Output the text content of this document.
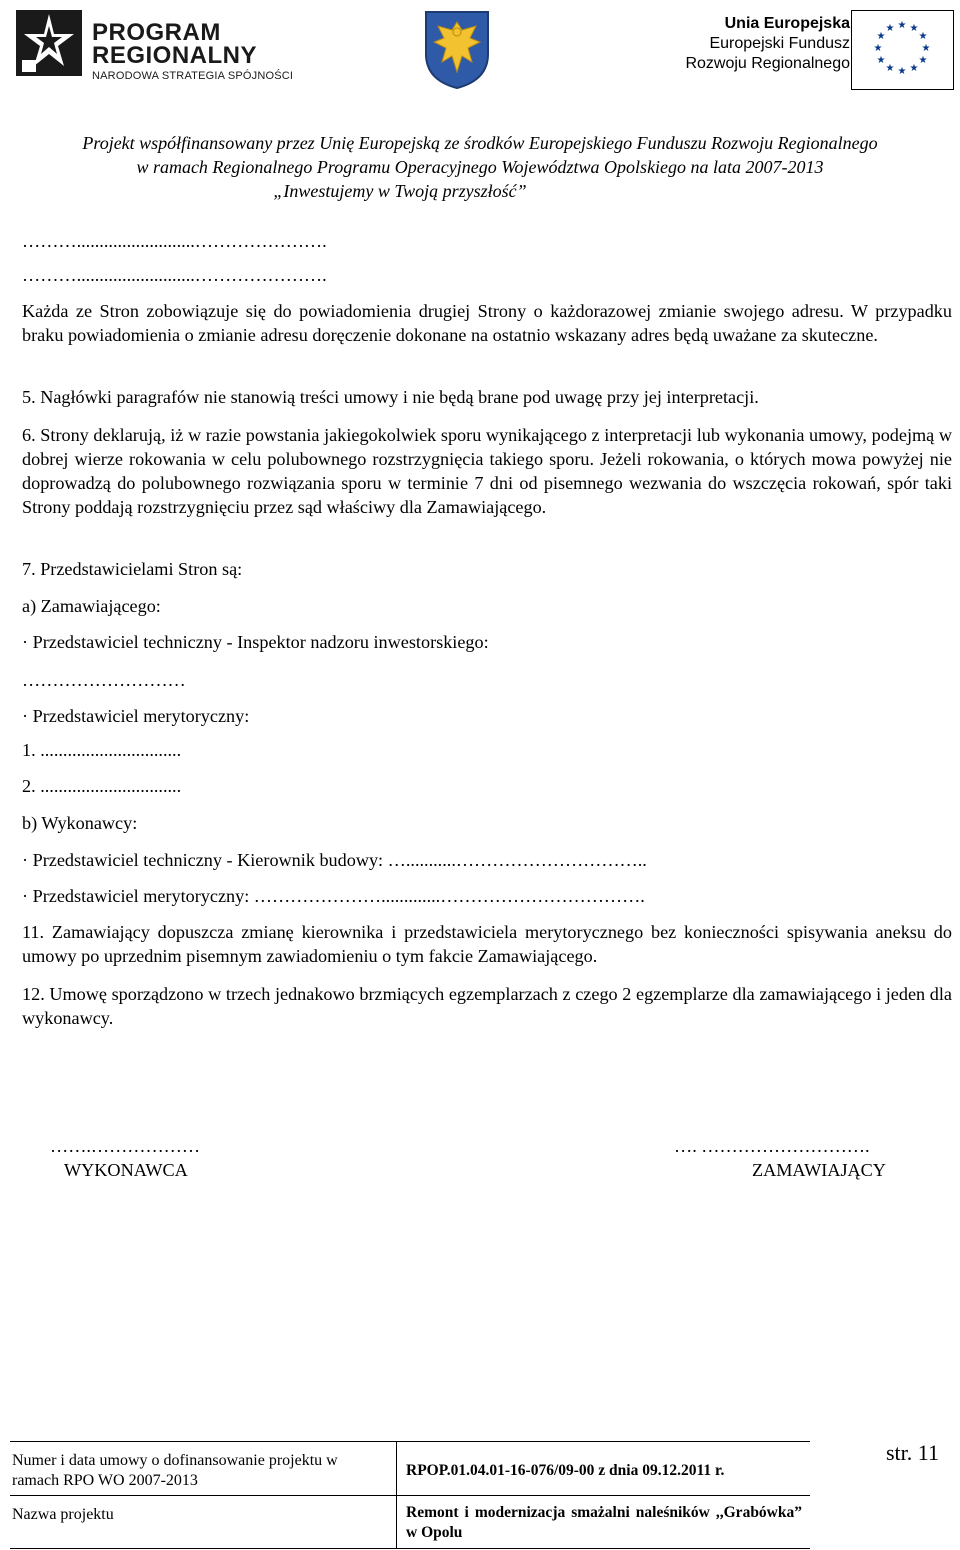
PROGRAM
REGIONALNY
NARODOWA STRATEGIA SPÓJNOŚCI
Unia Europejska
Europejski Fundusz
Rozwoju Regionalnego
★ ★
★
★
★
★
★
★
★
★
★
★
Projekt współfinansowany przez Unię Europejską ze środków Europejskiego Funduszu Rozwoju Regionalnego
w ramach Regionalnego Programu Operacyjnego Województwa Opolskiego na lata 2007-2013
„Inwestujemy w Twoją przyszłość”
………..........................………………….
………..........................………………….
Każda ze Stron zobowiązuje się do powiadomienia drugiej Strony o każdorazowej zmianie swojego adresu. W przypadku braku powiadomienia o zmianie adresu doręczenie dokonane na ostatnio wskazany adres będą uważane za skuteczne.
5. Nagłówki paragrafów nie stanowią treści umowy i nie będą brane pod uwagę przy jej interpretacji.
6. Strony deklarują, iż w razie powstania jakiegokolwiek sporu wynikającego z interpretacji lub wykonania umowy, podejmą w dobrej wierze rokowania w celu polubownego rozstrzygnięcia takiego sporu. Jeżeli rokowania, o których mowa powyżej nie doprowadzą do polubownego rozwiązania sporu w terminie 7 dni od pisemnego wezwania do wszczęcia rokowań, spór taki Strony poddają rozstrzygnięciu przez sąd właściwy dla Zamawiającego.
7. Przedstawicielami Stron są:
a) Zamawiającego:
· Przedstawiciel techniczny - Inspektor nadzoru inwestorskiego:
………………………
· Przedstawiciel merytoryczny:
1. ...............................
2. ...............................
b) Wykonawcy:
· Przedstawiciel techniczny - Kierownik budowy: …...........…………………………..
· Przedstawiciel merytoryczny: ………………….............…………………………….
11. Zamawiający dopuszcza zmianę kierownika i przedstawiciela merytorycznego bez konieczności spisywania aneksu do umowy po uprzednim pisemnym zawiadomieniu o tym fakcie Zamawiającego.
12. Umowę sporządzono w trzech jednakowo brzmiących egzemplarzach z czego 2 egzemplarze dla zamawiającego i jeden dla wykonawcy.
…….………………
WYKONAWCA
…. ……………………….
ZAMAWIAJĄCY
Numer i data umowy o dofinansowanie projektu w ramach RPO WO 2007-2013
RPOP.01.04.01-16-076/09-00 z dnia 09.12.2011 r.
Nazwa projektu	Remont i modernizacja smażalni naleśników ,,Grabówka” w Opolu
str. 11
